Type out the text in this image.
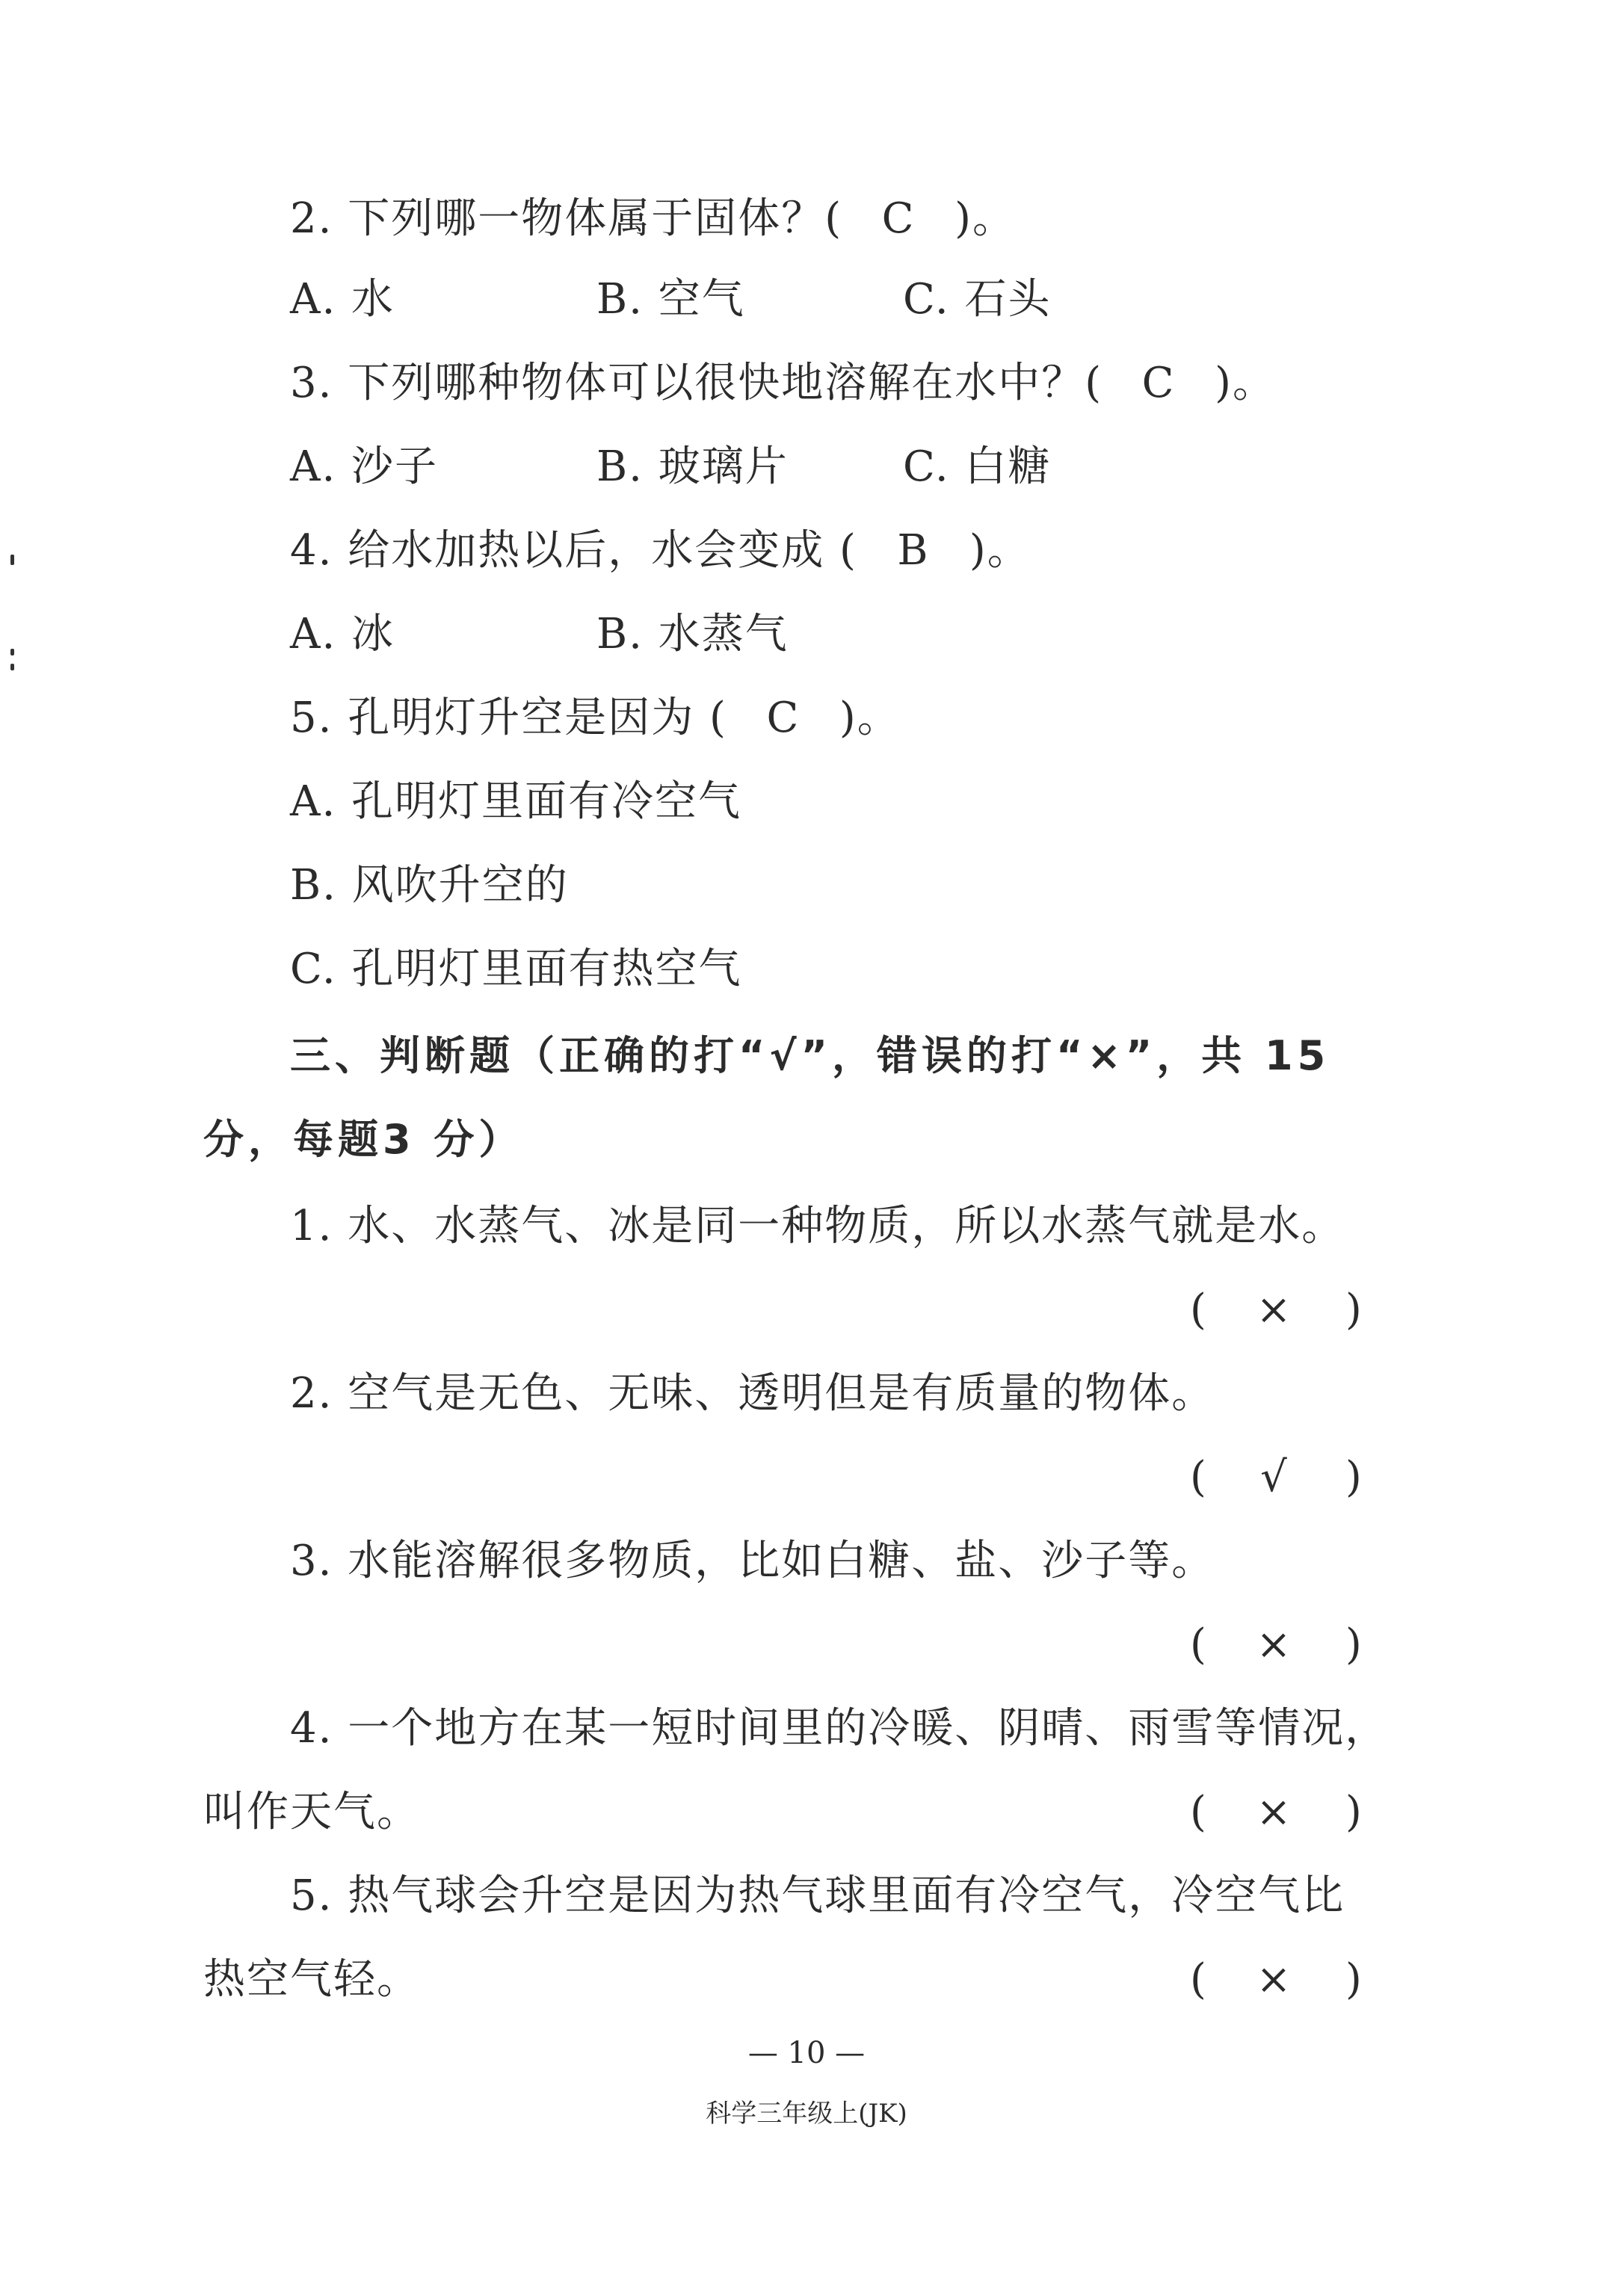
2. 下列哪一物体属于固体？( C )。
A. 水	B. 空气	C. 石头
3. 下列哪种物体可以很快地溶解在水中？( C )。
A. 沙子	B. 玻璃片	C. 白糖
4. 给水加热以后，水会变成 ( B )。
A. 冰	B. 水蒸气
5. 孔明灯升空是因为 ( C )。
A. 孔明灯里面有冷空气
B. 风吹升空的
C. 孔明灯里面有热空气
三、判断题（正确的打“√”，错误的打“×”，共 15
分，每题3 分）
1. 水、水蒸气、冰是同一种物质，所以水蒸气就是水。
(	×	)
2. 空气是无色、无味、透明但是有质量的物体。
(	√	)
3. 水能溶解很多物质，比如白糖、盐、沙子等。
(	×	)
4. 一个地方在某一短时间里的冷暖、阴晴、雨雪等情况，
叫作天气。	(	×	)
5. 热气球会升空是因为热气球里面有冷空气，冷空气比
热空气轻。	(	×	)
— 10 —
科学三年级上(JK)
